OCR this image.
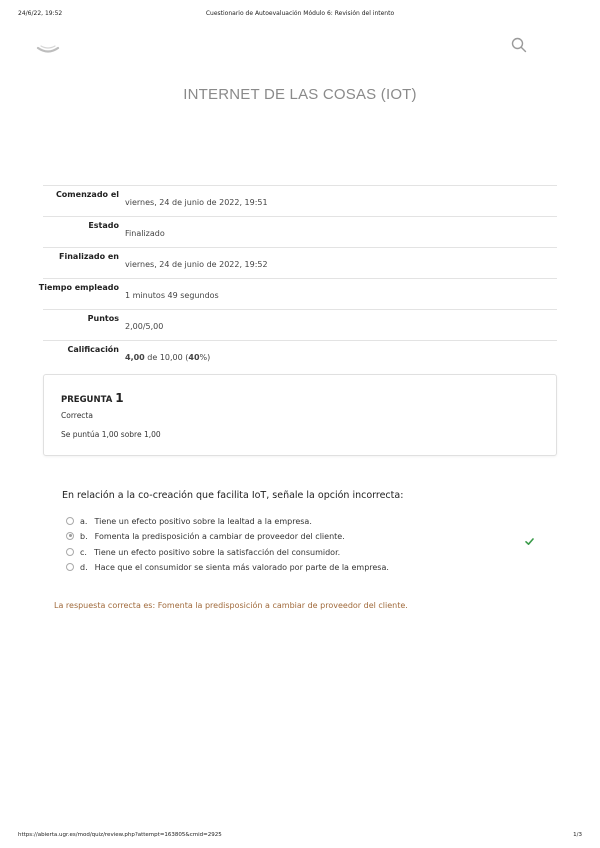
24/6/22, 19:52	Cuestionario de Autoevaluación Módulo 6: Revisión del intento
INTERNET DE LAS COSAS (IOT)
Comenzado el
viernes, 24 de junio de 2022, 19:51
Estado
Finalizado
Finalizado en
viernes, 24 de junio de 2022, 19:52
Tiempo empleado
1 minutos 49 segundos
Puntos
2,00/5,00
Calificación
4,00 de 10,00 (40%)
PREGUNTA 1
Correcta
Se puntúa 1,00 sobre 1,00
En relación a la co-creación que facilita IoT, señale la opción incorrecta:
a. Tiene un efecto positivo sobre la lealtad a la empresa.
b. Fomenta la predisposición a cambiar de proveedor del cliente.
c. Tiene un efecto positivo sobre la satisfacción del consumidor.
d. Hace que el consumidor se sienta más valorado por parte de la empresa.
La respuesta correcta es: Fomenta la predisposición a cambiar de proveedor del cliente.
https://abierta.ugr.es/mod/quiz/review.php?attempt=163805&cmid=2925	1/3
